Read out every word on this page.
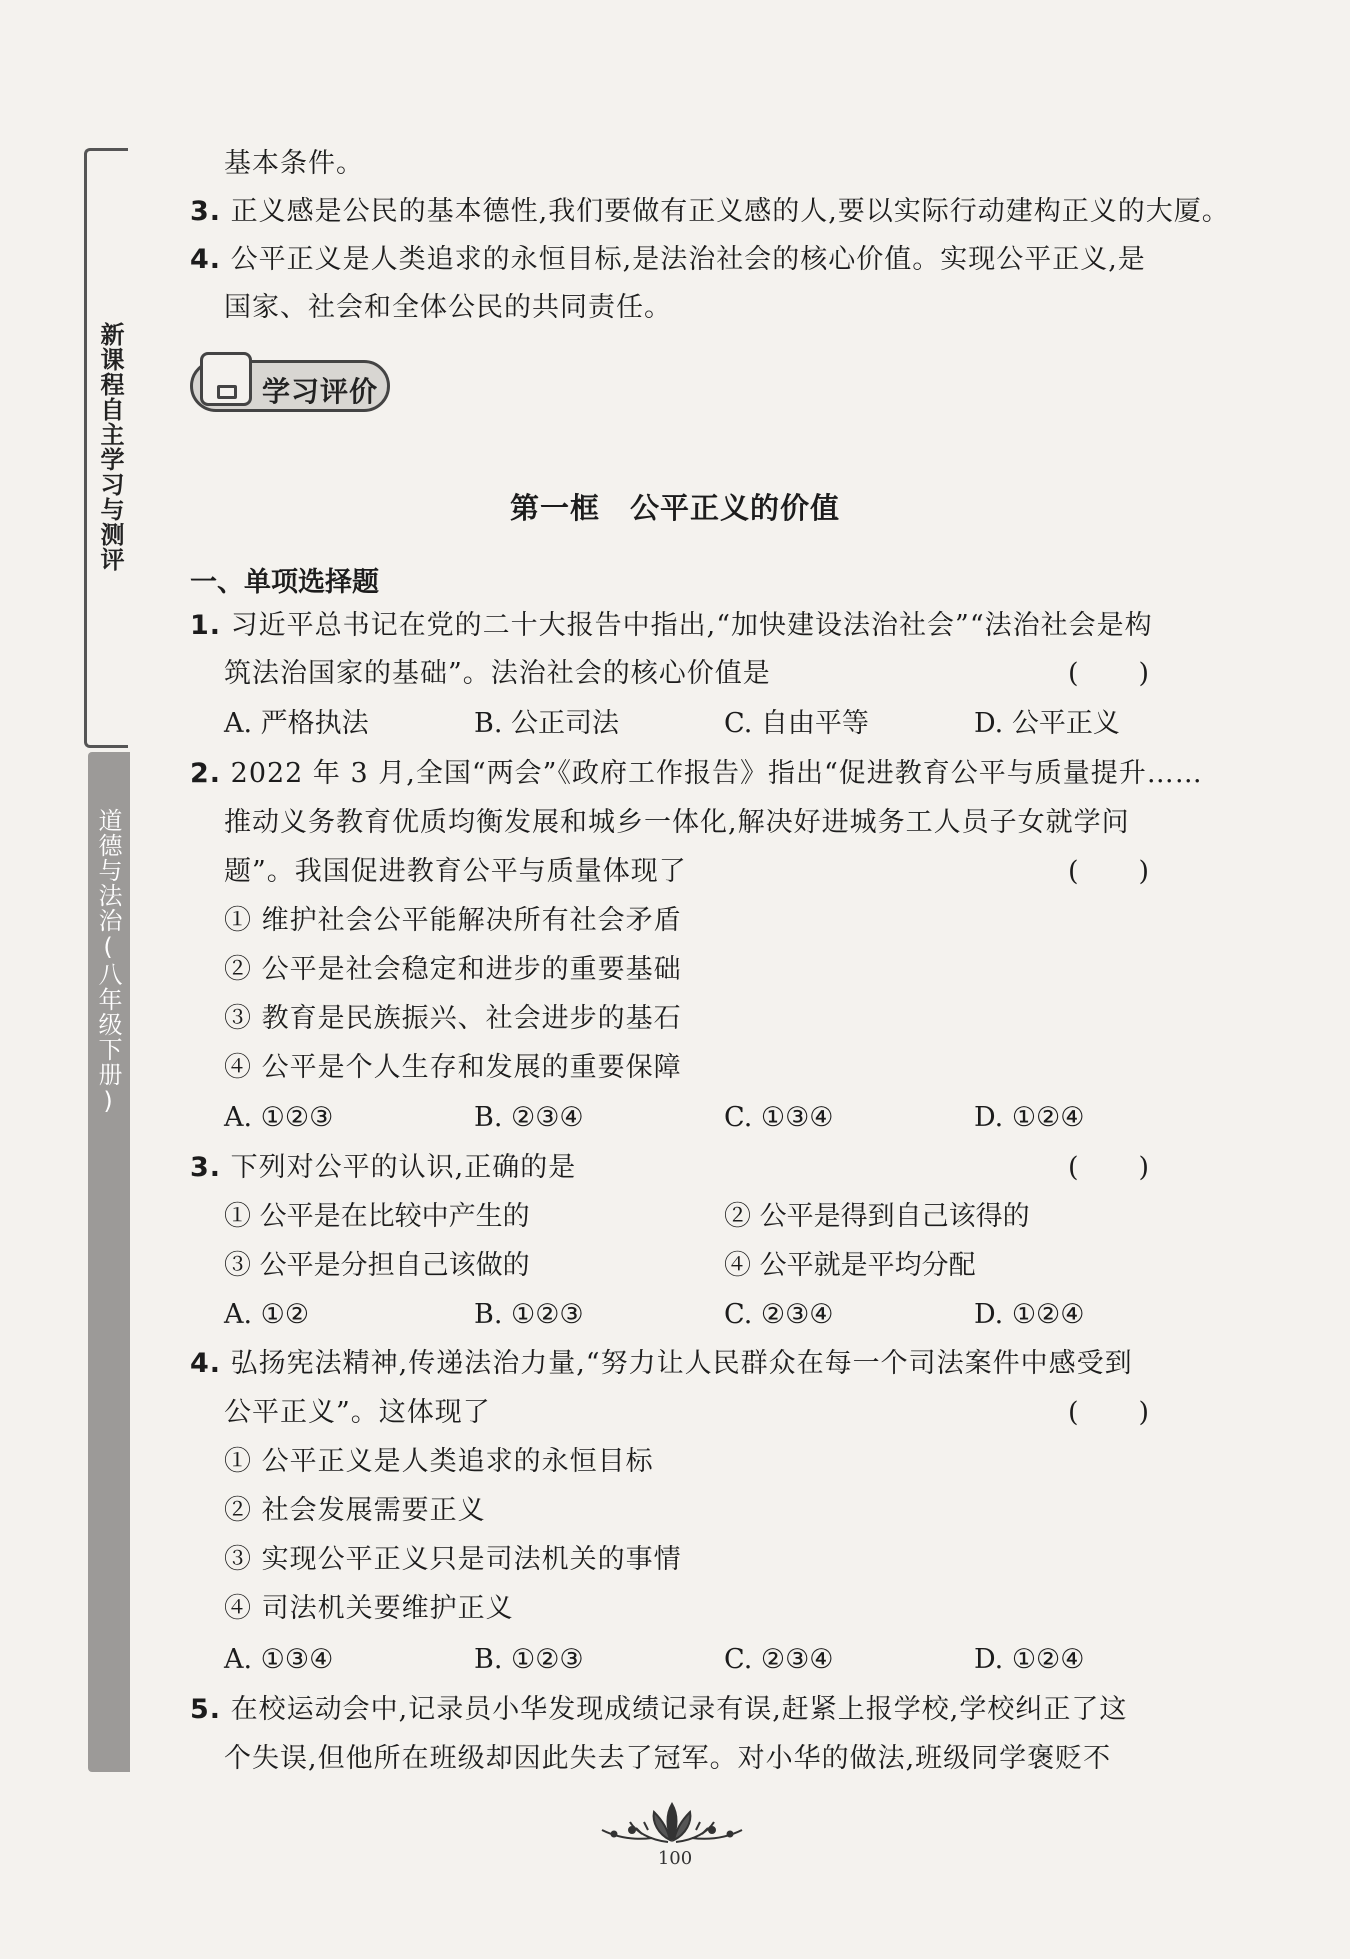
新课程自主学习与测评
道德与法治(八年级下册)
基本条件。
3. 正义感是公民的基本德性,我们要做有正义感的人,要以实际行动建构正义的大厦。
4. 公平正义是人类追求的永恒目标,是法治社会的核心价值。实现公平正义,是
国家、社会和全体公民的共同责任。
学习评价
第一框　公平正义的价值
一、单项选择题
1. 习近平总书记在党的二十大报告中指出,“加快建设法治社会”“法治社会是构
筑法治国家的基础”。法治社会的核心价值是	(　　)
A. 严格执法	B. 公正司法	C. 自由平等	D. 公平正义
2. 2022 年 3 月,全国“两会”《政府工作报告》指出“促进教育公平与质量提升……
推动义务教育优质均衡发展和城乡一体化,解决好进城务工人员子女就学问
题”。我国促进教育公平与质量体现了	(　　)
① 维护社会公平能解决所有社会矛盾
② 公平是社会稳定和进步的重要基础
③ 教育是民族振兴、社会进步的基石
④ 公平是个人生存和发展的重要保障
A. ①②③	B. ②③④	C. ①③④	D. ①②④
3. 下列对公平的认识,正确的是	(　　)
① 公平是在比较中产生的	② 公平是得到自己该得的
③ 公平是分担自己该做的	④ 公平就是平均分配
A. ①②	B. ①②③	C. ②③④	D. ①②④
4. 弘扬宪法精神,传递法治力量,“努力让人民群众在每一个司法案件中感受到
公平正义”。这体现了	(　　)
① 公平正义是人类追求的永恒目标
② 社会发展需要正义
③ 实现公平正义只是司法机关的事情
④ 司法机关要维护正义
A. ①③④	B. ①②③	C. ②③④	D. ①②④
5. 在校运动会中,记录员小华发现成绩记录有误,赶紧上报学校,学校纠正了这
个失误,但他所在班级却因此失去了冠军。对小华的做法,班级同学褒贬不
100
